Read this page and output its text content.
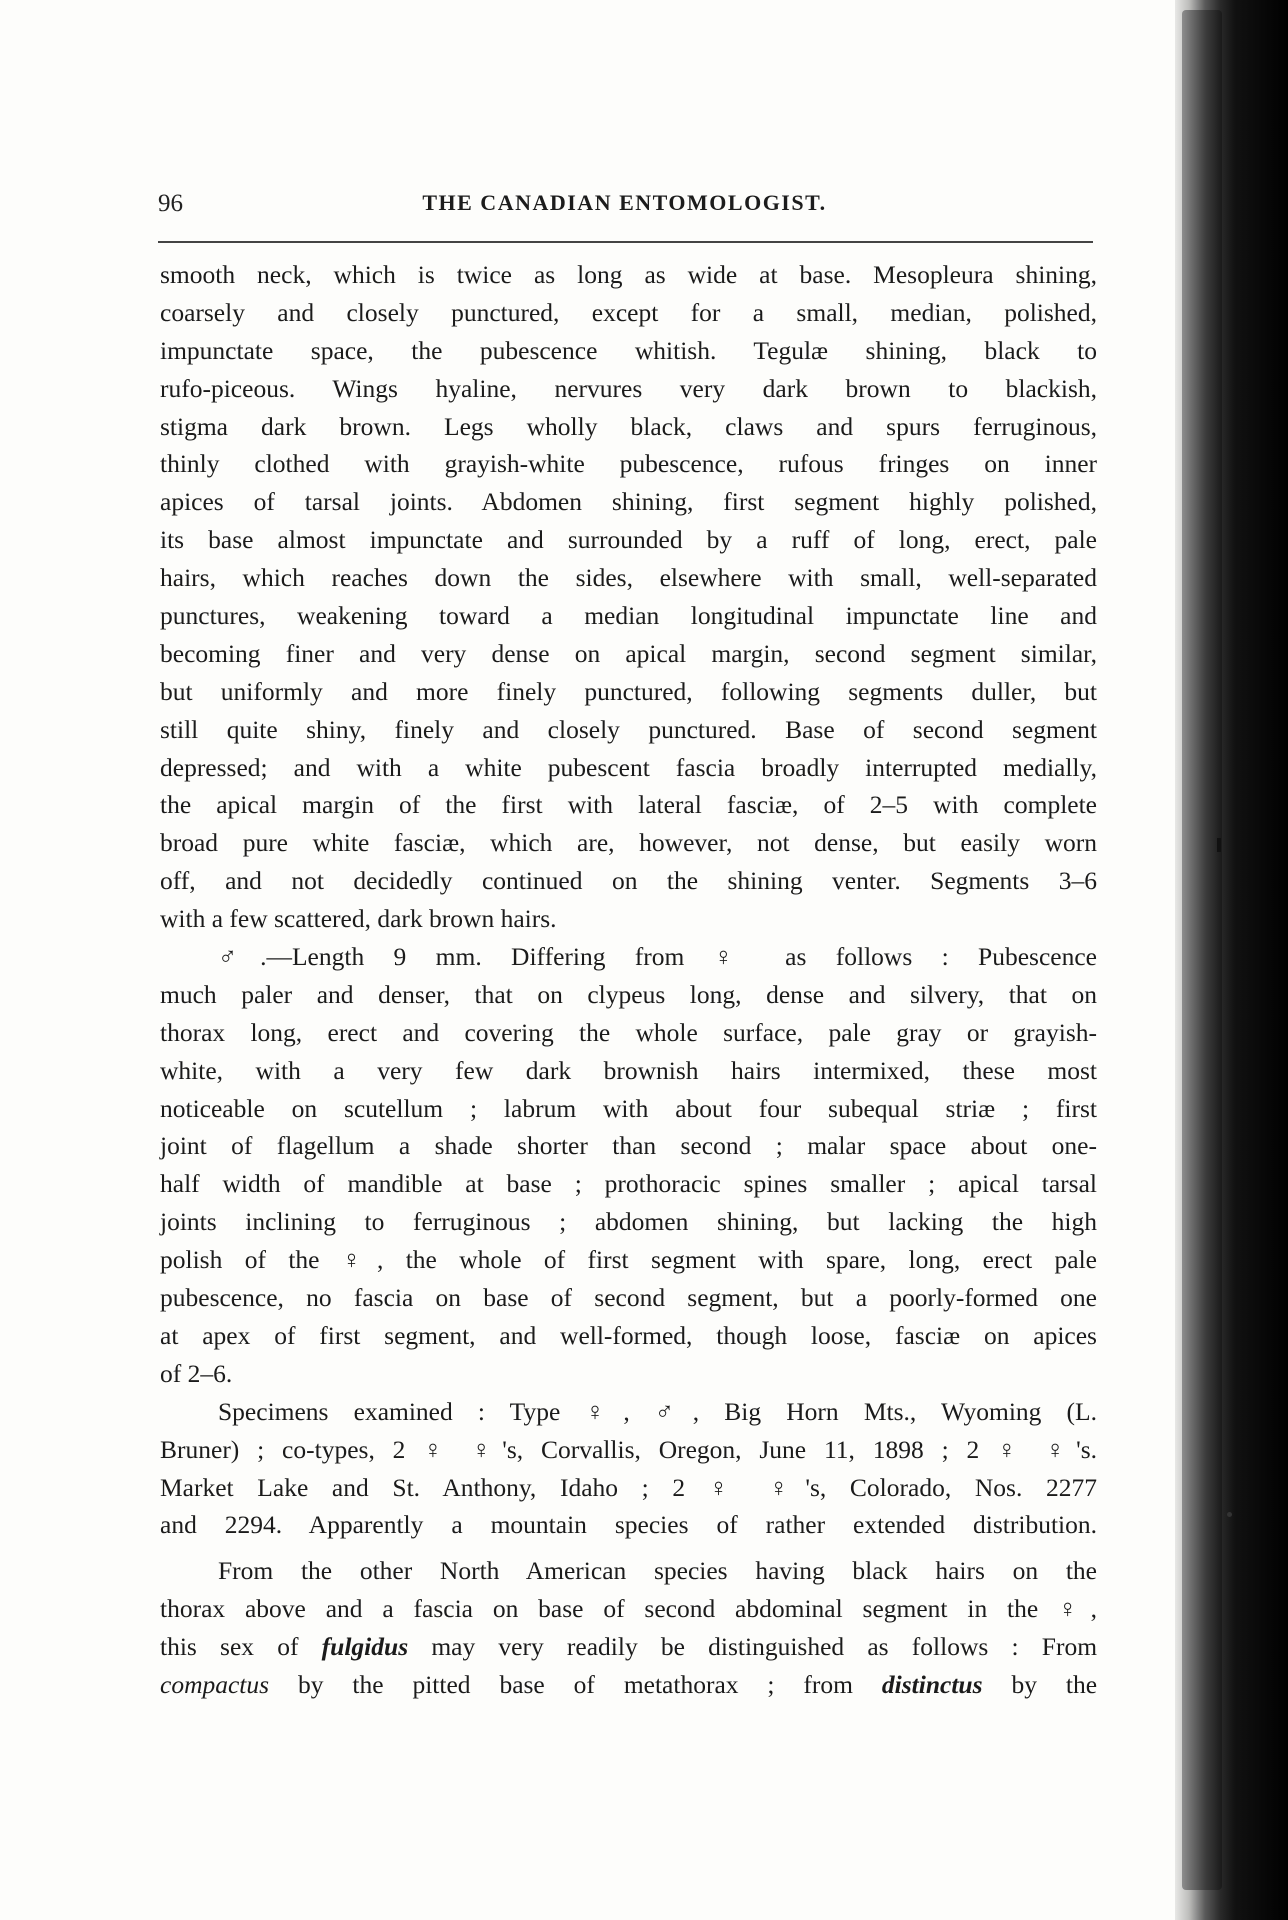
96	THE CANADIAN ENTOMOLOGIST.
smooth neck, which is twice as long as wide at base. Mesopleura shining,
coarsely and closely punctured, except for a small, median, polished,
impunctate space, the pubescence whitish. Tegulæ shining, black to
rufo-piceous. Wings hyaline, nervures very dark brown to blackish,
stigma dark brown. Legs wholly black, claws and spurs ferruginous,
thinly clothed with grayish-white pubescence, rufous fringes on inner
apices of tarsal joints. Abdomen shining, first segment highly polished,
its base almost impunctate and surrounded by a ruff of long, erect, pale
hairs, which reaches down the sides, elsewhere with small, well-separated
punctures, weakening toward a median longitudinal impunctate line and
becoming finer and very dense on apical margin, second segment similar,
but uniformly and more finely punctured, following segments duller, but
still quite shiny, finely and closely punctured. Base of second segment
depressed; and with a white pubescent fascia broadly interrupted medially,
the apical margin of the first with lateral fasciæ, of 2–5 with complete
broad pure white fasciæ, which are, however, not dense, but easily worn
off, and not decidedly continued on the shining venter. Segments 3–6
with a few scattered, dark brown hairs.
♂.—Length 9 mm. Differing from ♀ as follows : Pubescence
much paler and denser, that on clypeus long, dense and silvery, that on
thorax long, erect and covering the whole surface, pale gray or grayish-
white, with a very few dark brownish hairs intermixed, these most
noticeable on scutellum ; labrum with about four subequal striæ ; first
joint of flagellum a shade shorter than second ; malar space about one-
half width of mandible at base ; prothoracic spines smaller ; apical tarsal
joints inclining to ferruginous ; abdomen shining, but lacking the high
polish of the ♀, the whole of first segment with spare, long, erect pale
pubescence, no fascia on base of second segment, but a poorly-formed one
at apex of first segment, and well-formed, though loose, fasciæ on apices
of 2–6.
Specimens examined : Type ♀, ♂, Big Horn Mts., Wyoming (L.
Bruner) ; co-types, 2 ♀ ♀'s, Corvallis, Oregon, June 11, 1898 ; 2 ♀ ♀'s.
Market Lake and St. Anthony, Idaho ; 2 ♀ ♀'s, Colorado, Nos. 2277
and 2294. Apparently a mountain species of rather extended distribution.
From the other North American species having black hairs on the
thorax above and a fascia on base of second abdominal segment in the ♀,
this sex of fulgidus may very readily be distinguished as follows : From
compactus by the pitted base of metathorax ; from distinctus by the
